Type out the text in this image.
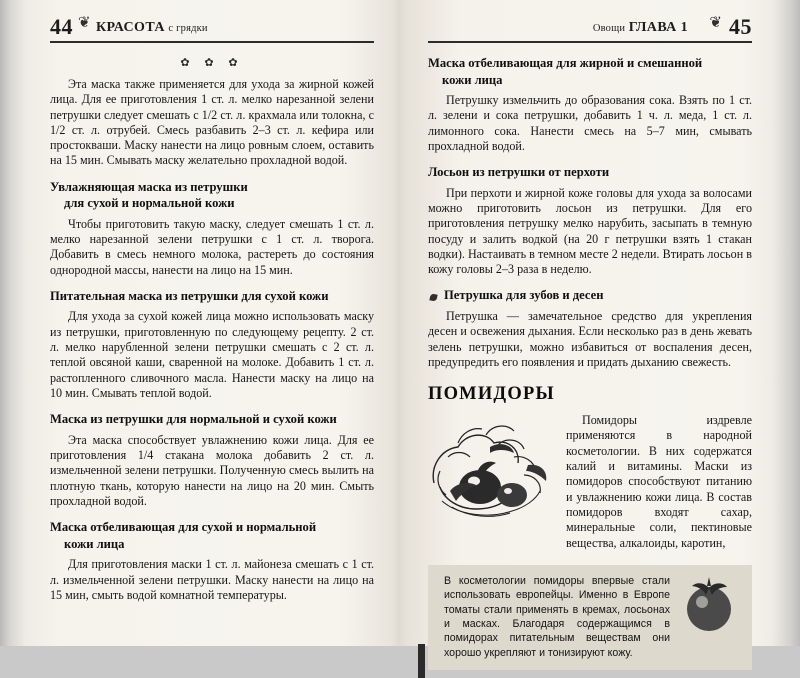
44 ❦ КРАСОТА с грядки
✿ ✿ ✿

Эта маска также применяется для ухода за жирной кожей лица. Для ее приготовления 1 ст. л. мелко нарезанной зелени петрушки следует смешать с 1/2 ст. л. крахмала или толокна, с 1/2 ст. л. отрубей. Смесь разбавить 2–3 ст. л. кефира или простокваши. Маску нанести на лицо ровным слоем, оставить на 15 мин. Смывать маску желательно прохладной водой.

Увлажняющая маска из петрушки
для сухой и нормальной кожи

Чтобы приготовить такую маску, следует смешать 1 ст. л. мелко нарезанной зелени петрушки с 1 ст. л. творога. Добавить в смесь немного молока, растереть до состояния однородной массы, нанести на лицо на 15 мин.

Питательная маска из петрушки для сухой кожи

Для ухода за сухой кожей лица можно использовать маску из петрушки, приготовленную по следующему рецепту. 2 ст. л. мелко нарубленной зелени петрушки смешать с 2 ст. л. теплой овсяной каши, сваренной на молоке. Добавить 1 ст. л. растопленного сливочного масла. Нанести маску на лицо на 10 мин. Смывать теплой водой.

Маска из петрушки для нормальной и сухой кожи

Эта маска способствует увлажнению кожи лица. Для ее приготовления 1/4 стакана молока добавить 2 ст. л. измельченной зелени петрушки. Полученную смесь вылить на плотную ткань, которую нанести на лицо на 20 мин. Смыть прохладной водой.

Маска отбеливающая для сухой и нормальной
кожи лица

Для приготовления маски 1 ст. л. майонеза смешать с 1 ст. л. измельченной зелени петрушки. Маску нанести на лицо на 15 мин, смыть водой комнатной температуры.

Овощи ГЛАВА 1 ❦ 45
Маска отбеливающая для жирной и смешанной
кожи лица

Петрушку измельчить до образования сока. Взять по 1 ст. л. зелени и сока петрушки, добавить 1 ч. л. меда, 1 ст. л. лимонного сока. Нанести смесь на 5–7 мин, смывать прохладной водой.

Лосьон из петрушки от перхоти

При перхоти и жирной коже головы для ухода за волосами можно приготовить лосьон из петрушки. Для его приготовления петрушку мелко нарубить, засыпать в темную посуду и залить водкой (на 20 г петрушки взять 1 стакан водки). Настаивать в темном месте 2 недели. Втирать лосьон в кожу головы 2–3 раза в неделю.

Петрушка для зубов и десен

Петрушка — замечательное средство для укрепления десен и освежения дыхания. Если несколько раз в день жевать зелень петрушки, можно избавиться от воспаления десен, предупредить его появления и придать дыханию свежесть.

ПОМИДОРЫ

Помидоры издревле применяются в народной косметологии. В них содержатся калий и витамины. Маски из помидоров способствуют питанию и увлажнению кожи лица. В состав помидоров входят сахар, минеральные соли, пектиновые вещества, алкалоиды, каротин,

В косметологии помидоры впервые стали использовать европейцы. Именно в Европе томаты стали применять в кремах, лосьонах и масках. Благодаря содержащимся в помидорах питательным веществам они хорошо укрепляют и тонизируют кожу.
